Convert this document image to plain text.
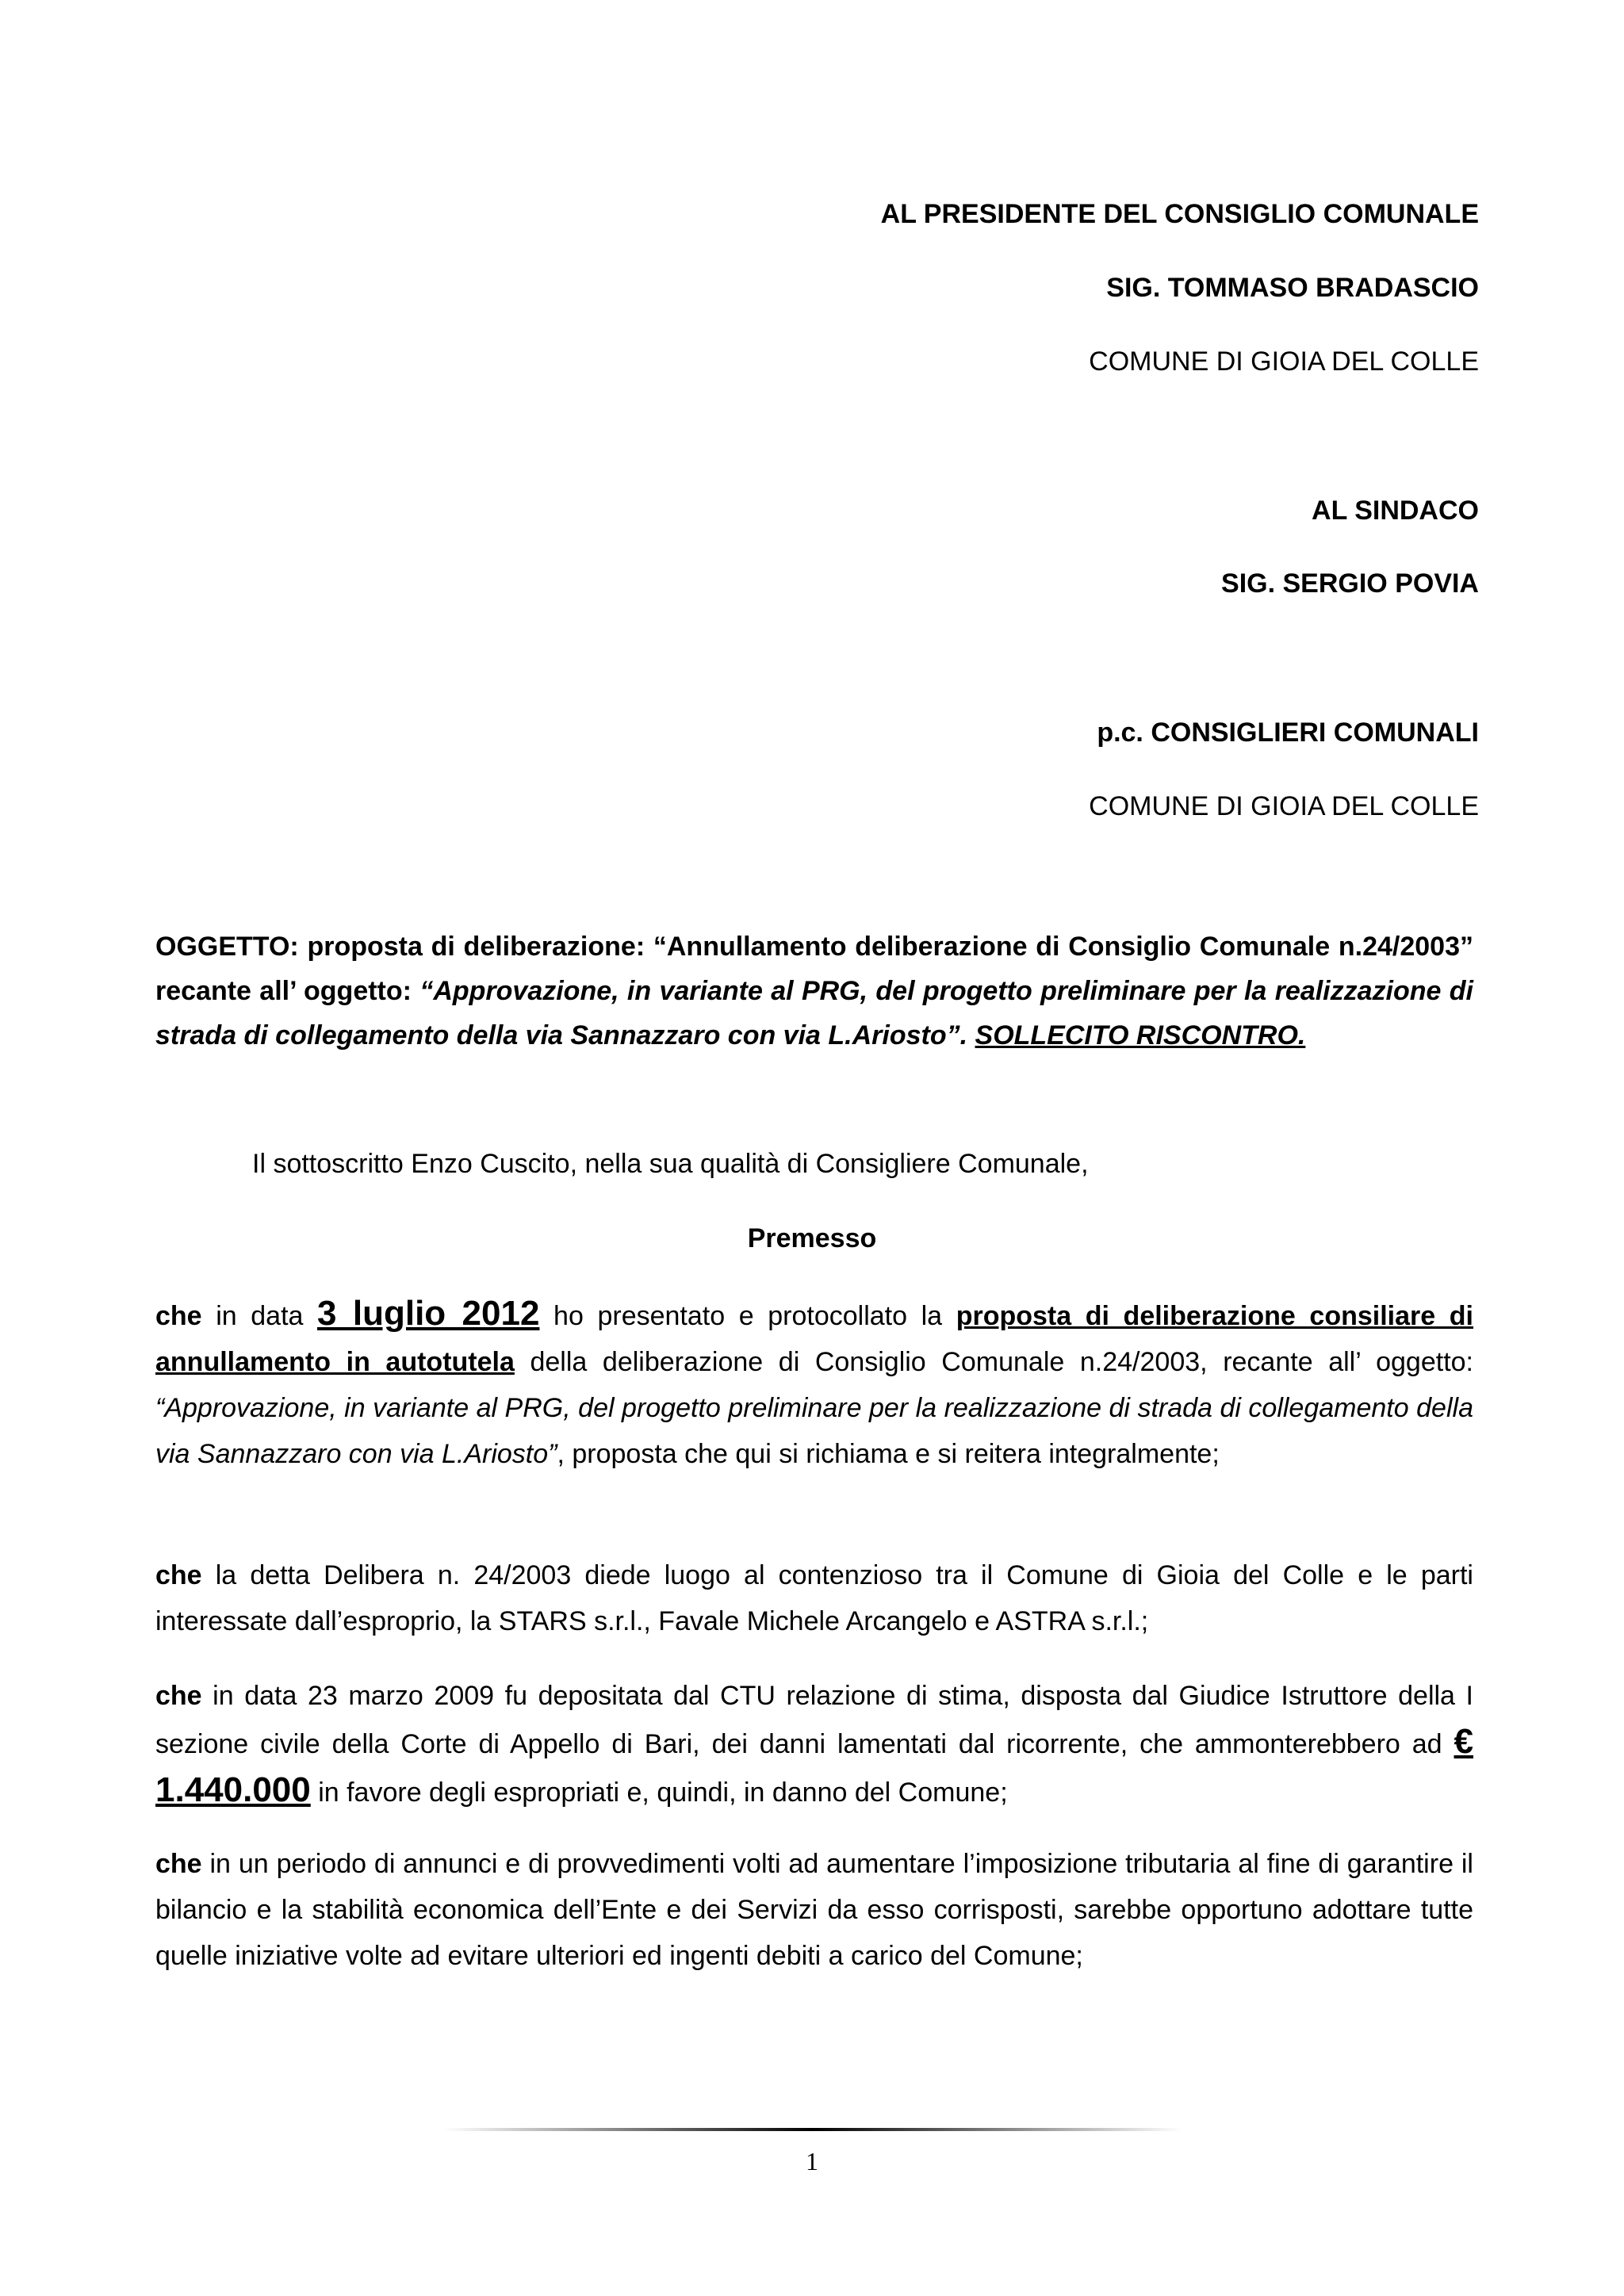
AL PRESIDENTE DEL CONSIGLIO COMUNALE
SIG. TOMMASO BRADASCIO
COMUNE DI GIOIA DEL COLLE
AL SINDACO
SIG. SERGIO POVIA
p.c. CONSIGLIERI COMUNALI
COMUNE DI GIOIA DEL COLLE

OGGETTO: proposta di deliberazione: “Annullamento deliberazione di Consiglio Comunale n.24/2003” recante all’ oggetto: “Approvazione, in variante al PRG, del progetto preliminare per la realizzazione di strada di collegamento della via Sannazzaro con via L.Ariosto”. SOLLECITO RISCONTRO.

Il sottoscritto Enzo Cuscito, nella sua qualità di Consigliere Comunale,

Premesso

che in data 3 luglio 2012 ho presentato e protocollato la proposta di deliberazione consiliare di annullamento in autotutela della deliberazione di Consiglio Comunale n.24/2003, recante all’ oggetto: “Approvazione, in variante al PRG, del progetto preliminare per la realizzazione di strada di collegamento della via Sannazzaro con via L.Ariosto”, proposta che qui si richiama e si reitera integralmente;

che la detta Delibera n. 24/2003 diede luogo al contenzioso tra il Comune di Gioia del Colle e le parti interessate dall’esproprio, la STARS s.r.l., Favale Michele Arcangelo e ASTRA s.r.l.;

che in data 23 marzo 2009 fu depositata dal CTU relazione di stima, disposta dal Giudice Istruttore della I sezione civile della Corte di Appello di Bari, dei danni lamentati dal ricorrente, che ammonterebbero ad € 1.440.000 in favore degli espropriati e, quindi, in danno del Comune;

che in un periodo di annunci e di provvedimenti volti ad aumentare l’imposizione tributaria al fine di garantire il bilancio e la stabilità economica dell’Ente e dei Servizi da esso corrisposti, sarebbe opportuno adottare tutte quelle iniziative volte ad evitare ulteriori ed ingenti debiti a carico del Comune;

1
